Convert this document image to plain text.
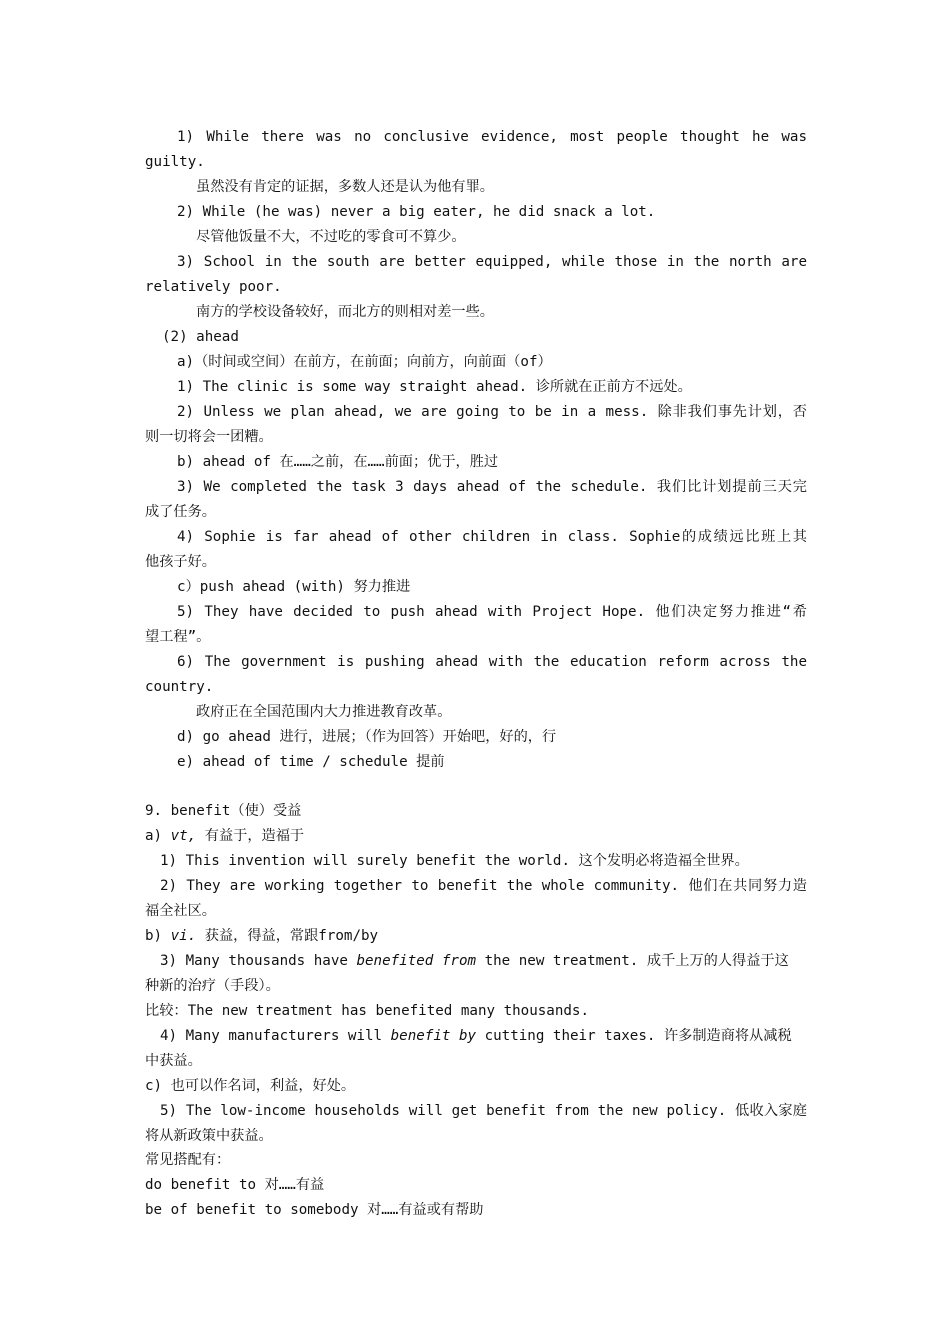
1) While there was no conclusive evidence, most people thought he was
guilty.
虽然没有肯定的证据，多数人还是认为他有罪。
2) While (he was) never a big eater, he did snack a lot.
尽管他饭量不大，不过吃的零食可不算少。
3) School in the south are better equipped, while those in the north are
relatively poor.
南方的学校设备较好，而北方的则相对差一些。
(2) ahead
a)（时间或空间）在前方，在前面；向前方，向前面（of）
1) The clinic is some way straight ahead. 诊所就在正前方不远处。
2) Unless we plan ahead, we are going to be in a mess. 除非我们事先计划，否
则一切将会一团糟。
b) ahead of 在……之前，在……前面；优于，胜过
3) We completed the task 3 days ahead of the schedule. 我们比计划提前三天完
成了任务。
4) Sophie is far ahead of other children in class. Sophie的成绩远比班上其
他孩子好。
c）push ahead (with) 努力推进
5) They have decided to push ahead with Project Hope. 他们决定努力推进“希
望工程”。
6) The government is pushing ahead with the education reform across the
country.
政府正在全国范围内大力推进教育改革。
d) go ahead 进行，进展；（作为回答）开始吧，好的，行
e) ahead of time / schedule 提前
9. benefit（使）受益
a) vt, 有益于，造福于
1) This invention will surely benefit the world. 这个发明必将造福全世界。
2) They are working together to benefit the whole community. 他们在共同努力造
福全社区。
b) vi. 获益，得益，常跟from/by
3) Many thousands have benefited from the new treatment. 成千上万的人得益于这
种新的治疗（手段）。
比较：The new treatment has benefited many thousands.
4) Many manufacturers will benefit by cutting their taxes. 许多制造商将从减税
中获益。
c) 也可以作名词，利益，好处。
5) The low-income households will get benefit from the new policy. 低收入家庭
将从新政策中获益。
常见搭配有：
do benefit to 对……有益
be of benefit to somebody 对……有益或有帮助
